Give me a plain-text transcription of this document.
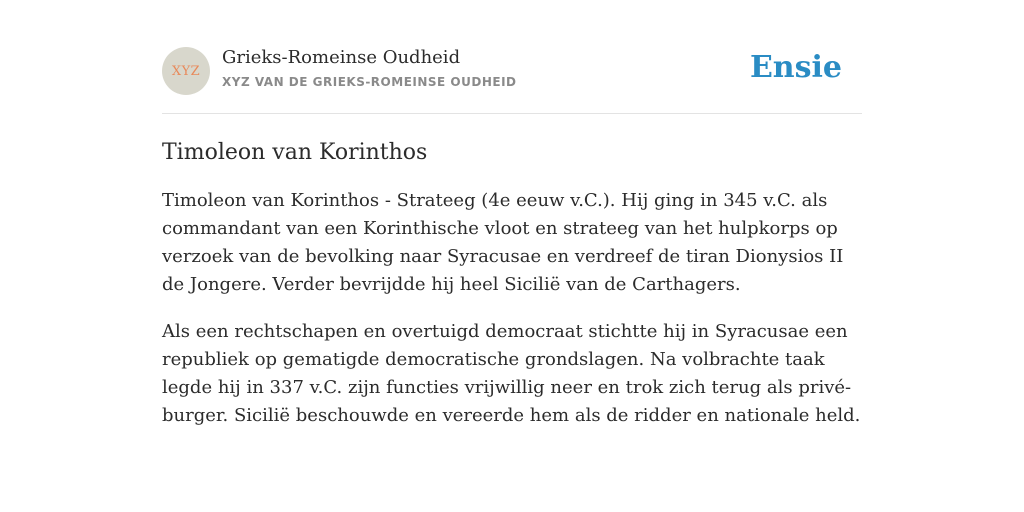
XYZ
Grieks-Romeinse Oudheid
XYZ VAN DE GRIEKS-ROMEINSE OUDHEID	Ensie
Timoleon van Korinthos

Timoleon van Korinthos - Strateeg (4e eeuw v.C.). Hij ging in 345 v.C. als commandant van een Korinthische vloot en strateeg van het hulpkorps op verzoek van de bevolking naar Syracusae en verdreef de tiran Dionysios II de Jongere. Verder bevrijdde hij heel Sicilië van de Carthagers.

Als een rechtschapen en overtuigd democraat stichtte hij in Syracusae een republiek op gematigde democratische grondslagen. Na volbrachte taak legde hij in 337 v.C. zijn functies vrijwillig neer en trok zich terug als privé-burger. Sicilië beschouwde en vereerde hem als de ridder en nationale held.
